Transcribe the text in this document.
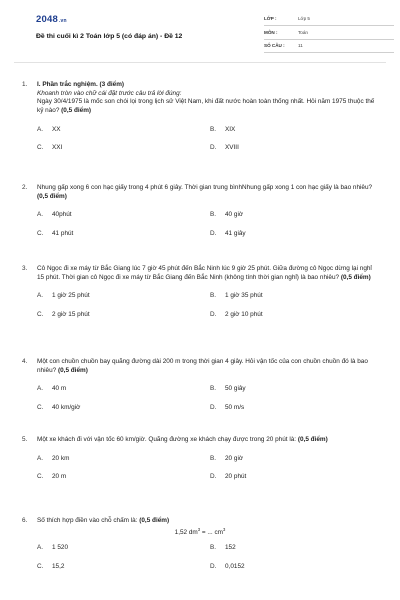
2048.vn
Đề thi cuối kì 2 Toán lớp 5 (có đáp án) - Đề 12
LỚP :	Lớp 5
MÔN :	Toán
SỐ CÂU :	11
1.	I. Phần trắc nghiệm. (3 điểm)
Khoanh tròn vào chữ cái đặt trước câu trả lời đúng:
Ngày 30/4/1975 là mốc son chói lọi trong lịch sử Việt Nam, khi đất nước hoàn toàn thống nhất. Hỏi năm 1975 thuộc thế kỷ nào? (0,5 điểm)
A.	XX	B.	XIX
C.	XXI	D.	XVIII
2.	Nhung gấp xong 6 con hạc giấy trong 4 phút 6 giây. Thời gian trung bìnhNhung gấp xong 1 con hạc giấy là bao nhiêu? (0,5 điểm)
A.	40phút	B.	40 giờ
C.	41 phút	D.	41 giây
3.	Cô Ngọc đi xe máy từ Bắc Giang lúc 7 giờ 45 phút đến Bắc Ninh lúc 9 giờ 25 phút. Giữa đường cô Ngọc dừng lại nghỉ 15 phút. Thời gian cô Ngọc đi xe máy từ Bắc Giang đến Bắc Ninh (không tính thời gian nghỉ) là bao nhiêu? (0,5 điểm)
A.	1 giờ 25 phút	B.	1 giờ 35 phút
C.	2 giờ 15 phút	D.	2 giờ 10 phút
4.	Một con chuồn chuồn bay quãng đường dài 200 m trong thời gian 4 giây. Hỏi vận tốc của con chuồn chuồn đó là bao nhiêu? (0,5 điểm)
A.	40 m	B.	50 giây
C.	40 km/giờ	D.	50 m/s
5.	Một xe khách đi với vận tốc 60 km/giờ. Quãng đường xe khách chạy được trong 20 phút là: (0,5 điểm)
A.	20 km	B.	20 giờ
C.	20 m	D.	20 phút
6.	Số thích hợp điền vào chỗ chấm là: (0,5 điểm)
1,52 $dm^3$ = ... $cm^3$
A.	1 520	B.	152
C.	15,2	D.	0,0152
